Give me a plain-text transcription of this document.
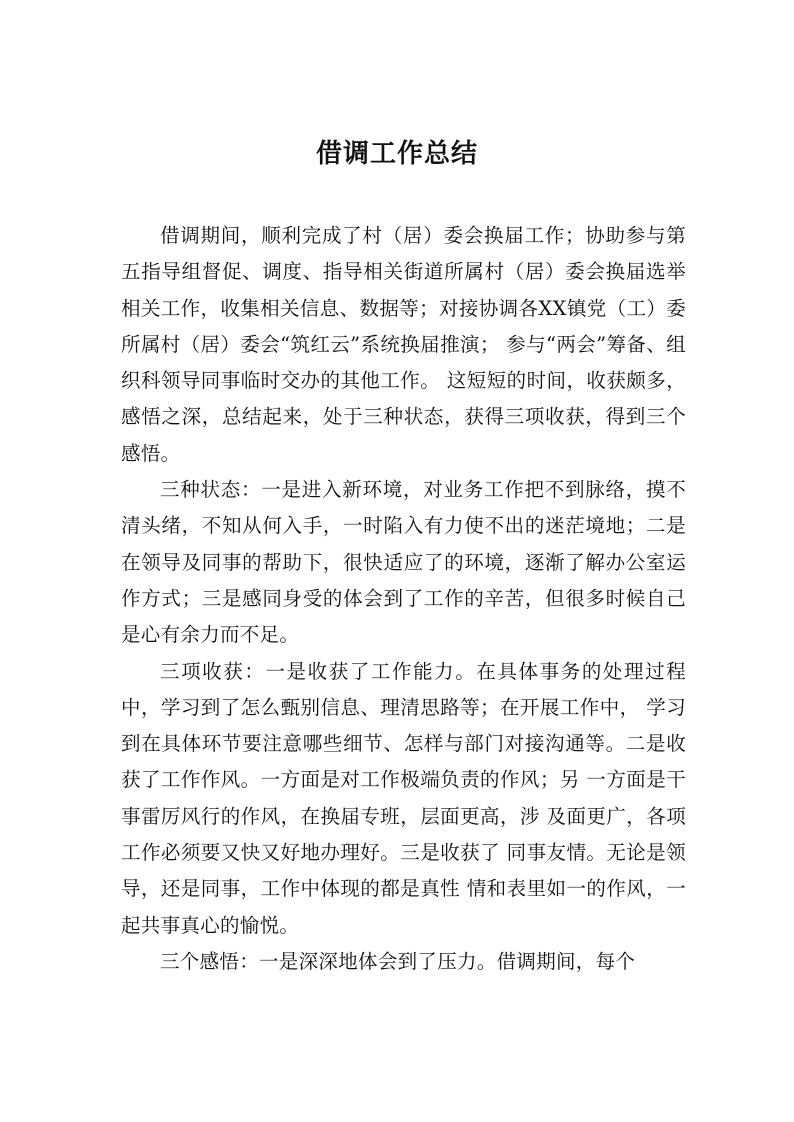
借调工作总结

借调期间，顺利完成了村（居）委会换届工作；协助参与第五指导组督促、调度、指导相关街道所属村（居）委会换届选举相关工作，收集相关信息、数据等；对接协调各XX镇党（工）委所属村（居）委会“筑红云”系统换届推演； 参与“两会”筹备、组织科领导同事临时交办的其他工作。 这短短的时间，收获颇多，感悟之深，总结起来，处于三种状态，获得三项收获，得到三个感悟。

三种状态：一是进入新环境，对业务工作把不到脉络，摸不清头绪，不知从何入手，一时陷入有力使不出的迷茫境地；二是在领导及同事的帮助下，很快适应了的环境，逐渐了解办公室运作方式；三是感同身受的体会到了工作的辛苦，但很多时候自己是心有余力而不足。

三项收获：一是收获了工作能力。在具体事务的处理过程中，学习到了怎么甄别信息、理清思路等；在开展工作中， 学习到在具体环节要注意哪些细节、怎样与部门对接沟通等。二是收获了工作作风。一方面是对工作极端负责的作风；另 一方面是干事雷厉风行的作风，在换届专班，层面更高，涉 及面更广，各项工作必须要又快又好地办理好。三是收获了 同事友情。无论是领导，还是同事，工作中体现的都是真性 情和表里如一的作风，一起共事真心的愉悦。

三个感悟：一是深深地体会到了压力。借调期间，每个
